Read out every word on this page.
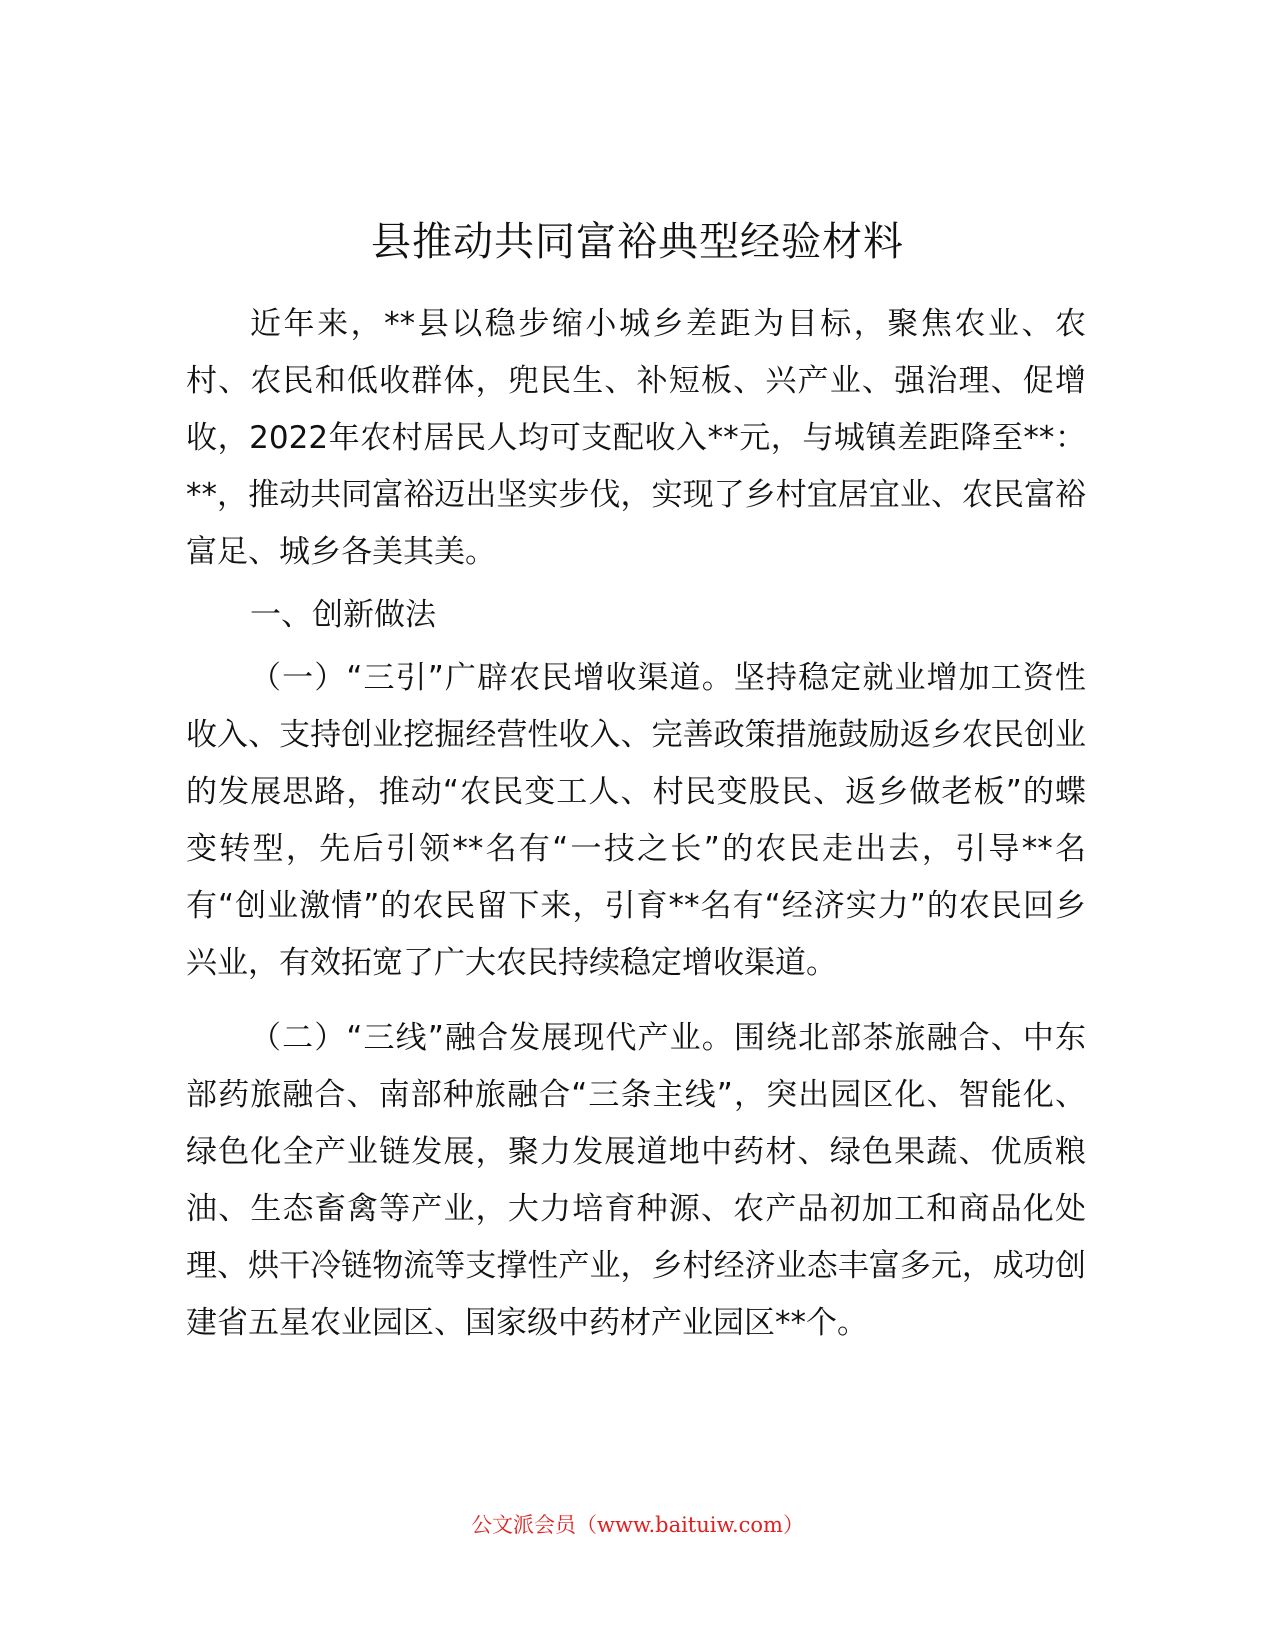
县推动共同富裕典型经验材料

近年来，**县以稳步缩小城乡差距为目标，聚焦农业、农村、农民和低收群体，兜民生、补短板、兴产业、强治理、促增收，2022年农村居民人均可支配收入**元，与城镇差距降至**：**，推动共同富裕迈出坚实步伐，实现了乡村宜居宜业、农民富裕富足、城乡各美其美。

一、创新做法

（一）“三引”广辟农民增收渠道。坚持稳定就业增加工资性收入、支持创业挖掘经营性收入、完善政策措施鼓励返乡农民创业的发展思路，推动“农民变工人、村民变股民、返乡做老板”的蝶变转型，先后引领**名有“一技之长”的农民走出去，引导**名有“创业激情”的农民留下来，引育**名有“经济实力”的农民回乡兴业，有效拓宽了广大农民持续稳定增收渠道。

（二）“三线”融合发展现代产业。围绕北部茶旅融合、中东部药旅融合、南部种旅融合“三条主线”，突出园区化、智能化、绿色化全产业链发展，聚力发展道地中药材、绿色果蔬、优质粮油、生态畜禽等产业，大力培育种源、农产品初加工和商品化处理、烘干冷链物流等支撑性产业，乡村经济业态丰富多元，成功创建省五星农业园区、国家级中药材产业园区**个。

公文派会员（www.baituiw.com）
